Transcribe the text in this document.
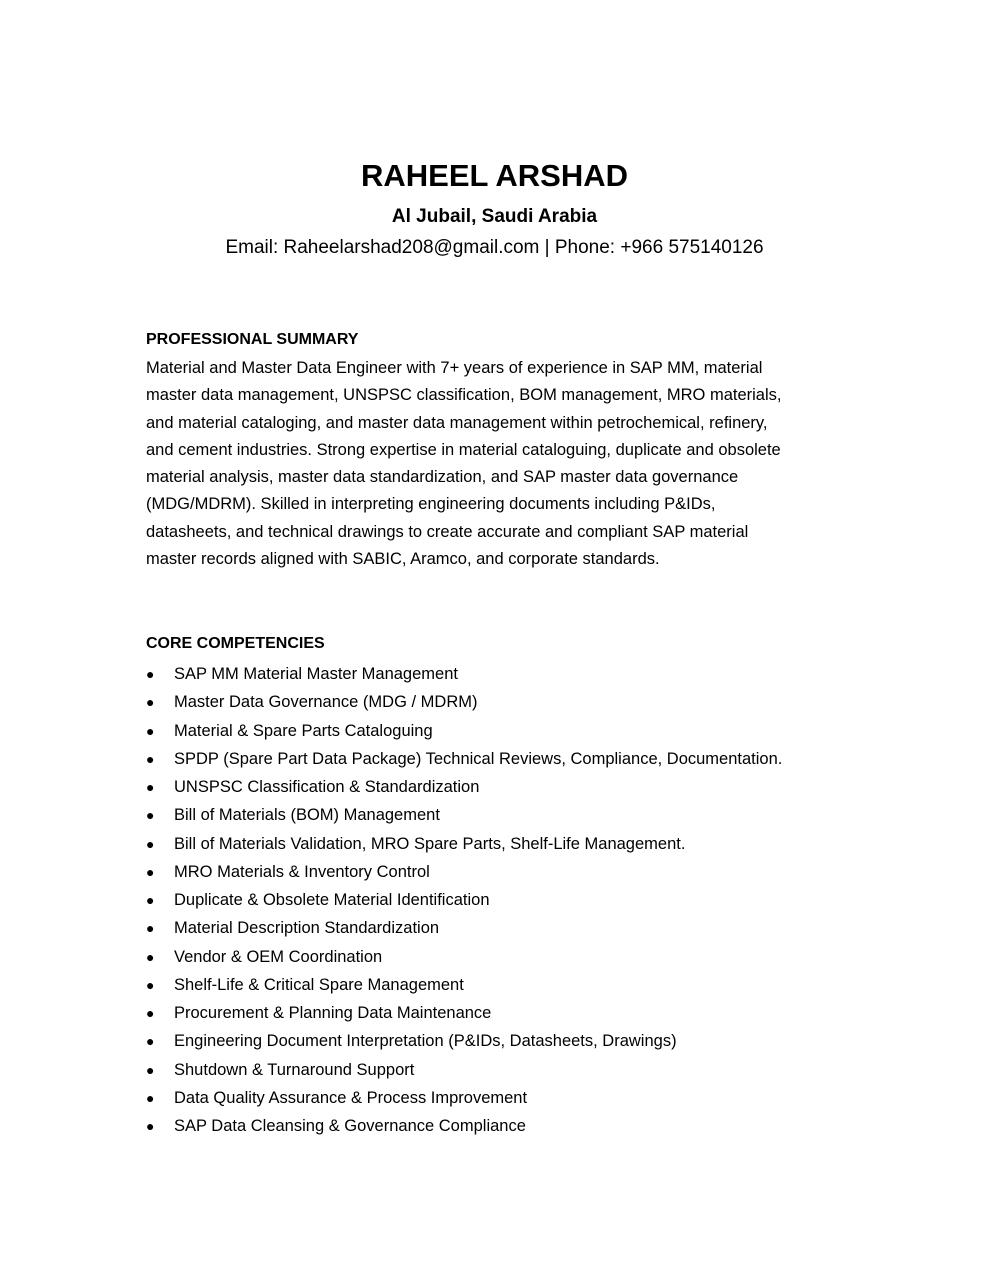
RAHEEL ARSHAD
Al Jubail, Saudi Arabia
Email: Raheelarshad208@gmail.com | Phone: +966 575140126
PROFESSIONAL SUMMARY

Material and Master Data Engineer with 7+ years of experience in SAP MM, material
master data management, UNSPSC classification, BOM management, MRO materials,
and material cataloging, and master data management within petrochemical, refinery,
and cement industries. Strong expertise in material cataloguing, duplicate and obsolete
material analysis, master data standardization, and SAP master data governance
(MDG/MDRM). Skilled in interpreting engineering documents including P&IDs,
datasheets, and technical drawings to create accurate and compliant SAP material
master records aligned with SABIC, Aramco, and corporate standards.

CORE COMPETENCIES
● SAP MM Material Master Management
● Master Data Governance (MDG / MDRM)
● Material & Spare Parts Cataloguing
● SPDP (Spare Part Data Package) Technical Reviews, Compliance, Documentation.
● UNSPSC Classification & Standardization
● Bill of Materials (BOM) Management
● Bill of Materials Validation, MRO Spare Parts, Shelf-Life Management.
● MRO Materials & Inventory Control
● Duplicate & Obsolete Material Identification
● Material Description Standardization
● Vendor & OEM Coordination
● Shelf-Life & Critical Spare Management
● Procurement & Planning Data Maintenance
● Engineering Document Interpretation (P&IDs, Datasheets, Drawings)
● Shutdown & Turnaround Support
● Data Quality Assurance & Process Improvement
● SAP Data Cleansing & Governance Compliance
